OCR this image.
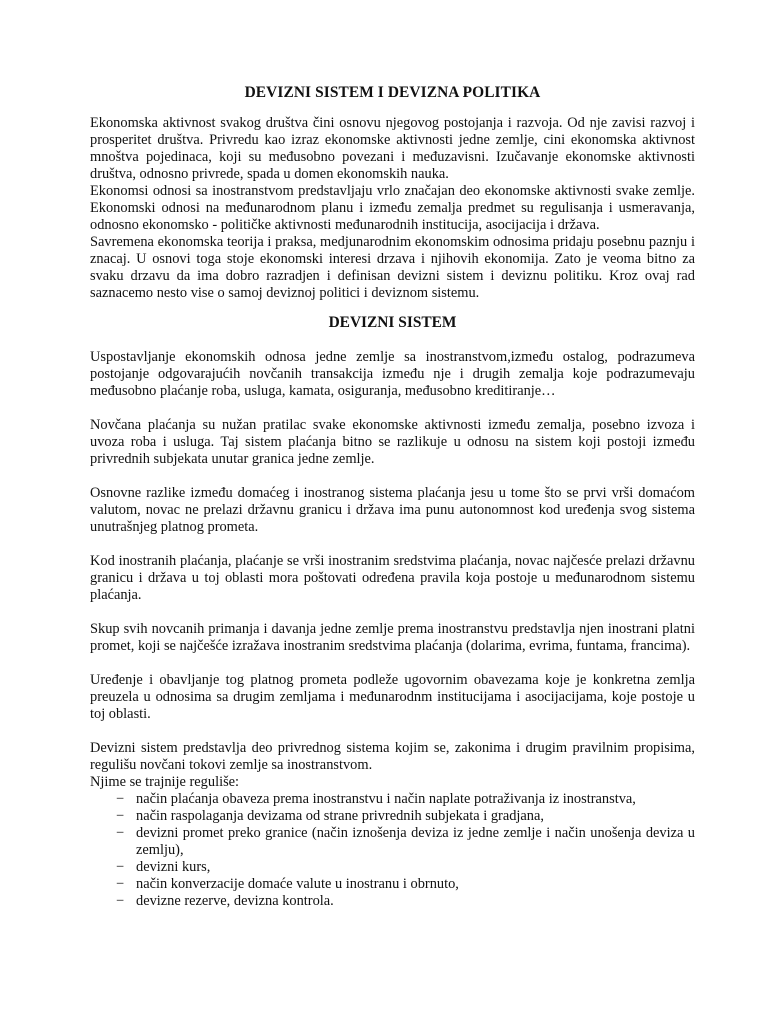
DEVIZNI SISTEM I DEVIZNA POLITIKA

Ekonomska aktivnost svakog društva čini osnovu njegovog postojanja i razvoja. Od nje zavisi razvoj i prosperitet društva. Privredu kao izraz ekonomske aktivnosti jedne zemlje, cini ekonomska aktivnost mnoštva pojedinaca, koji su međusobno povezani i međuzavisni. Izučavanje ekonomske aktivnosti društva, odnosno privrede, spada u domen ekonomskih nauka.

Ekonomsi odnosi sa inostranstvom predstavljaju vrlo značajan deo ekonomske aktivnosti svake zemlje. Ekonomski odnosi na međunarodnom planu i između zemalja predmet su regulisanja i usmeravanja, odnosno ekonomsko - političke aktivnosti međunarodnih institucija, asocijacija i država.

Savremena ekonomska teorija i praksa, medjunarodnim ekonomskim odnosima pridaju posebnu paznju i znacaj. U osnovi toga stoje ekonomski interesi drzava i njihovih ekonomija. Zato je veoma bitno za svaku drzavu da ima dobro razradjen i definisan devizni sistem i deviznu politiku. Kroz ovaj rad saznacemo nesto vise o samoj deviznoj politici i deviznom sistemu.

DEVIZNI SISTEM

Uspostavljanje ekonomskih odnosa jedne zemlje sa inostranstvom,između ostalog, podrazumeva postojanje odgovarajućih novčanih transakcija između nje i drugih zemalja koje podrazumevaju međusobno plaćanje roba, usluga, kamata, osiguranja, međusobno kreditiranje…

Novčana plaćanja su nužan pratilac svake ekonomske aktivnosti između zemalja, posebno izvoza i uvoza roba i usluga. Taj sistem plaćanja bitno se razlikuje u odnosu na sistem koji postoji između privrednih subjekata unutar granica jedne zemlje.

Osnovne razlike između domaćeg i inostranog sistema plaćanja jesu u tome što se prvi vrši domaćom valutom, novac ne prelazi državnu granicu i država ima punu autonomnost kod uređenja svog sistema unutrašnjeg platnog prometa.

Kod inostranih plaćanja, plaćanje se vrši inostranim sredstvima plaćanja, novac najčesće prelazi državnu granicu i država u toj oblasti mora poštovati određena pravila koja postoje u međunarodnom sistemu plaćanja.

Skup svih novcanih primanja i davanja jedne zemlje prema inostranstvu predstavlja njen inostrani platni promet, koji se najčešće izražava inostranim sredstvima plaćanja (dolarima, evrima, funtama, francima).

Uređenje i obavljanje tog platnog prometa podleže ugovornim obavezama koje je konkretna zemlja preuzela u odnosima sa drugim zemljama i međunarodnm institucijama i asocijacijama, koje postoje u toj oblasti.

Devizni sistem predstavlja deo privrednog sistema kojim se, zakonima i drugim pravilnim propisima, regulišu novčani tokovi zemlje sa inostranstvom.

Njime se trajnije reguliše:

− način plaćanja obaveza prema inostranstvu i način naplate potraživanja iz inostranstva,
− način raspolaganja devizama od strane privrednih subjekata i gradjana,
− devizni promet preko granice (način iznošenja deviza iz jedne zemlje i način unošenja deviza u zemlju),
− devizni kurs,
− način konverzacije domaće valute u inostranu i obrnuto,
− devizne rezerve, devizna kontrola.
